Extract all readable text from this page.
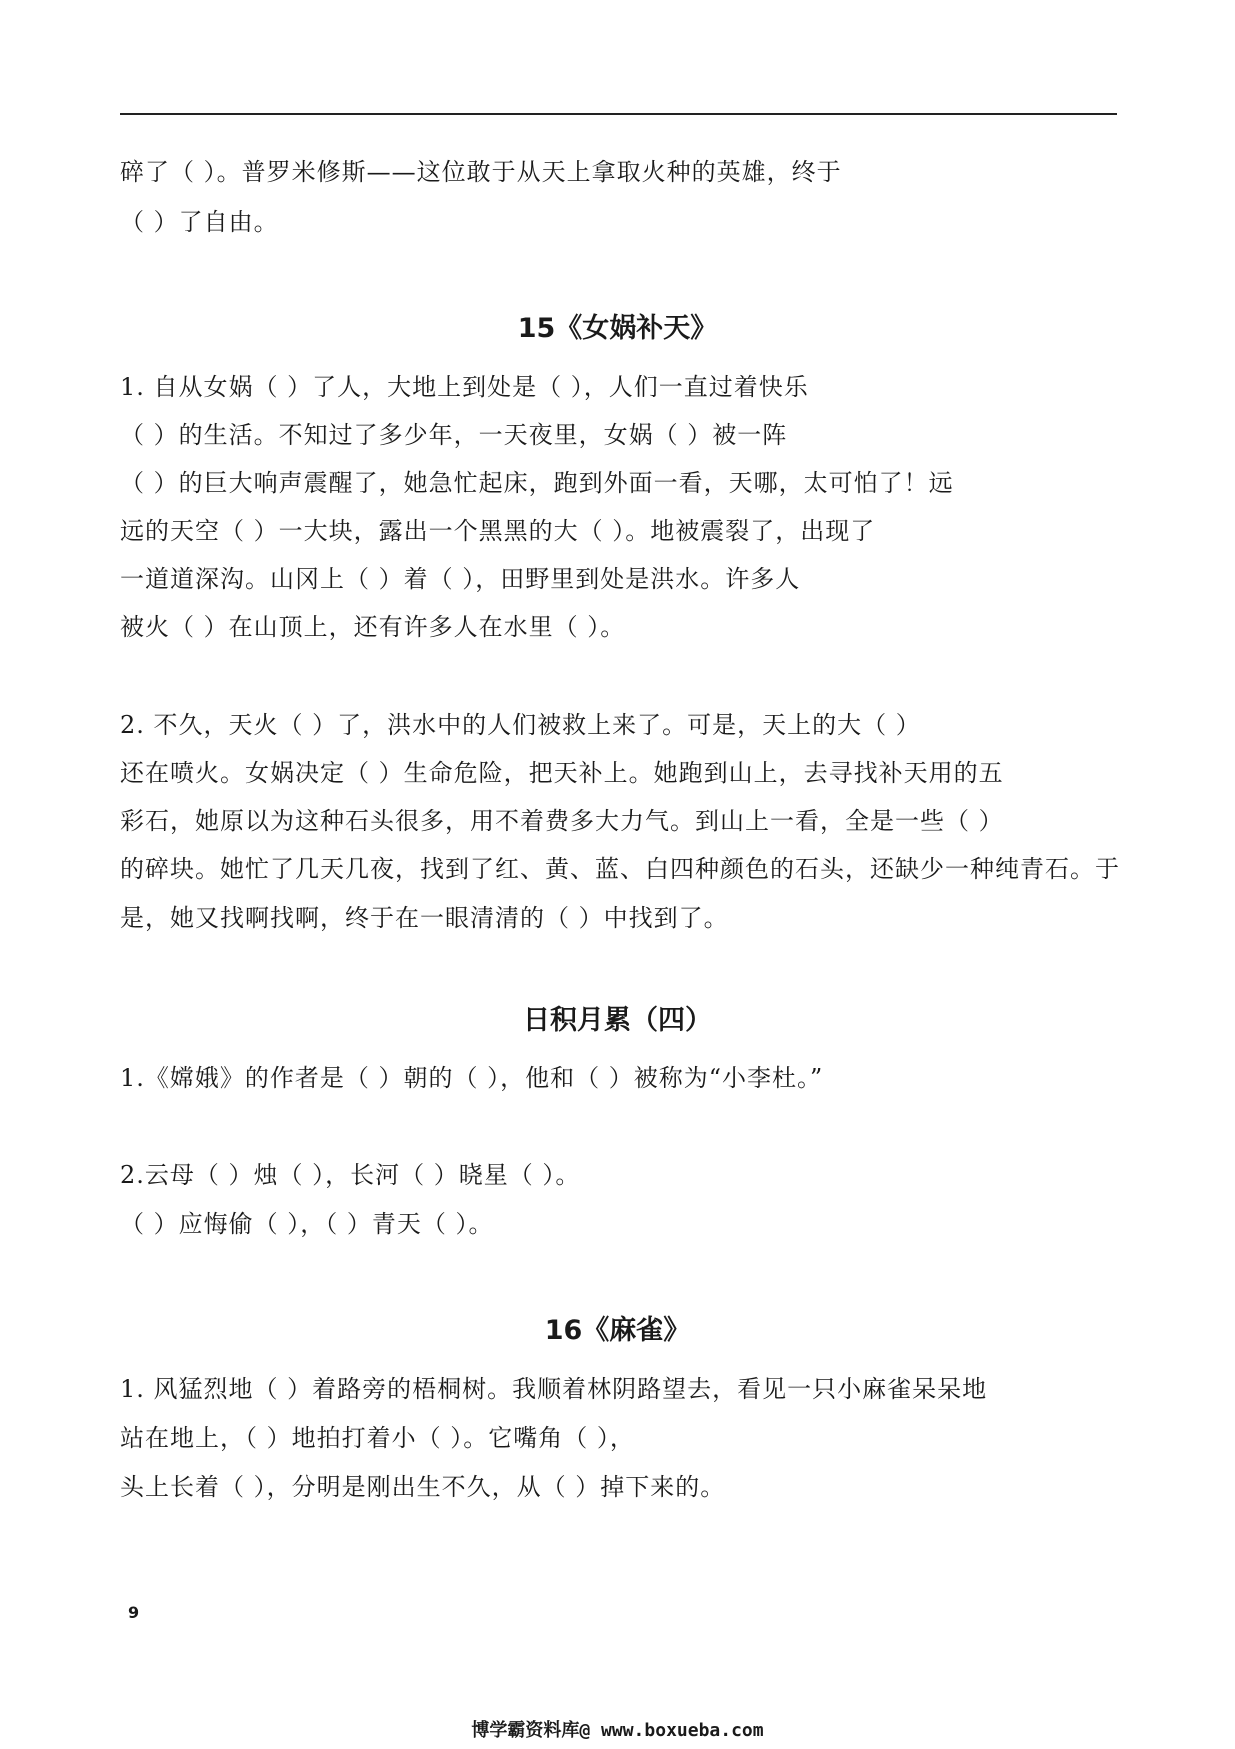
碎了（ ）。普罗米修斯——这位敢于从天上拿取火种的英雄，终于
（ ）了自由。
15《女娲补天》
1. 自从女娲（ ）了人，大地上到处是（ ），人们一直过着快乐
（ ）的生活。不知过了多少年，一天夜里，女娲（ ）被一阵
（ ）的巨大响声震醒了，她急忙起床，跑到外面一看，天哪，太可怕了！远
远的天空（ ）一大块，露出一个黑黑的大（ ）。地被震裂了，出现了
一道道深沟。山冈上（ ）着（ ），田野里到处是洪水。许多人
被火（ ）在山顶上，还有许多人在水里（ ）。
2. 不久，天火（ ）了，洪水中的人们被救上来了。可是，天上的大（ ）
还在喷火。女娲决定（ ）生命危险，把天补上。她跑到山上，去寻找补天用的五
彩石，她原以为这种石头很多，用不着费多大力气。到山上一看，全是一些（ ）
的碎块。她忙了几天几夜，找到了红、黄、蓝、白四种颜色的石头，还缺少一种纯青石。于
是，她又找啊找啊，终于在一眼清清的（ ）中找到了。
日积月累（四）
1.《嫦娥》的作者是（ ）朝的（ ），他和（ ）被称为“小李杜。”
2.云母（ ）烛（ ），长河（ ）晓星（ ）。
（ ）应悔偷（ ），（ ）青天（ ）。
16《麻雀》
1. 风猛烈地（ ）着路旁的梧桐树。我顺着林阴路望去，看见一只小麻雀呆呆地
站在地上，（ ）地拍打着小（ ）。它嘴角（ ），
头上长着（ ），分明是刚出生不久，从（ ）掉下来的。
9
博学霸资料库@ www.boxueba.com
